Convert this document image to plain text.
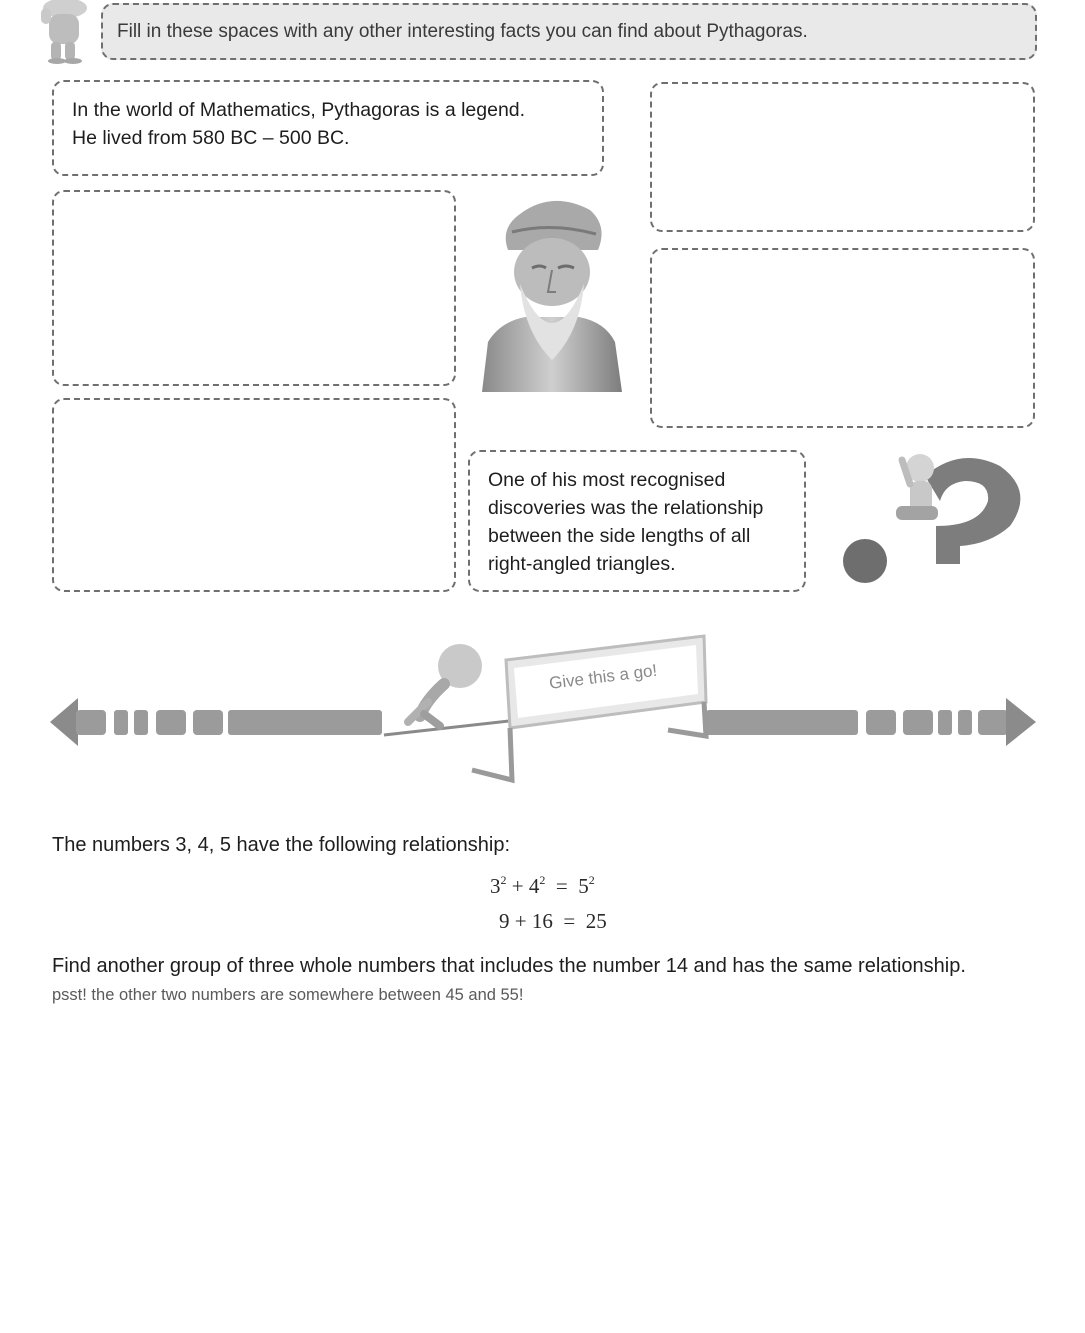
Fill in these spaces with any other interesting facts you can find about Pythagoras.
In the world of Mathematics, Pythagoras is a legend.
He lived from 580 BC – 500 BC.
One of his most recognised discoveries was the relationship between the side lengths of all right-angled triangles.
Give this a go!
The numbers 3, 4, 5 have the following relationship:
$3^2 + 4^2 = 5^2$
9 + 16 = 25
Find another group of three whole numbers that includes the number 14 and has the same relationship.
psst! the other two numbers are somewhere between 45 and 55!
